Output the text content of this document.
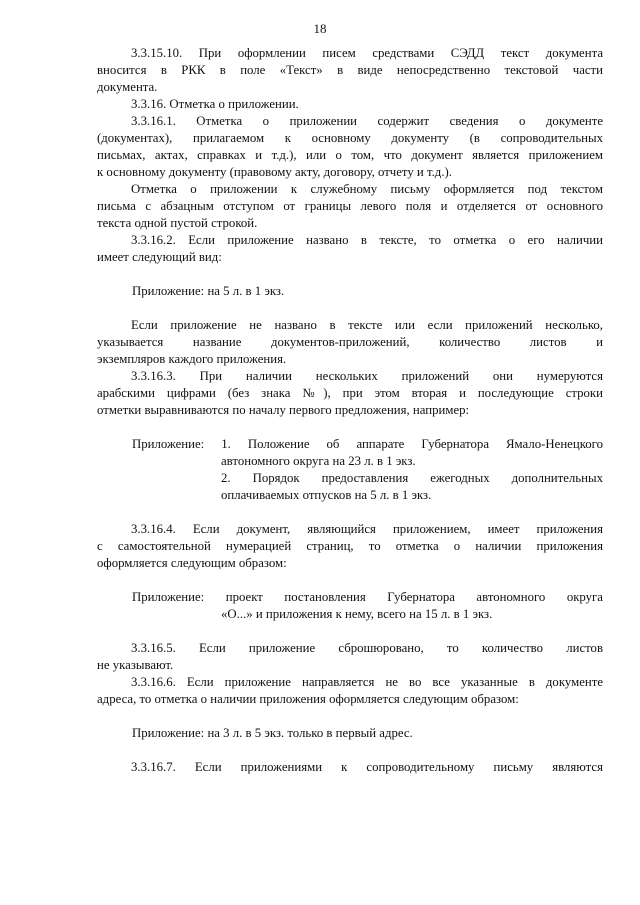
18

3.3.15.10. При оформлении писем средствами СЭДД текст документа

вносится в РКК в поле «Текст» в виде непосредственно текстовой части

документа.

3.3.16. Отметка о приложении.

3.3.16.1. Отметка о приложении содержит сведения о документе

(документах), прилагаемом к основному документу (в сопроводительных

письмах, актах, справках и т.д.), или о том, что документ является приложением

к основному документу (правовому акту, договору, отчету и т.д.).

Отметка о приложении к служебному письму оформляется под текстом

письма с абзацным отступом от границы левого поля и отделяется от основного

текста одной пустой строкой.

3.3.16.2. Если приложение названо в тексте, то отметка о его наличии

имеет следующий вид:

Приложение: на 5 л. в 1 экз.

Если приложение не названо в тексте или если приложений несколько,

указывается название документов-приложений, количество листов и

экземпляров каждого приложения.

3.3.16.3. При наличии нескольких приложений они нумеруются

арабскими цифрами (без знака №), при этом вторая и последующие строки

отметки выравниваются по началу первого предложения, например:

Приложение: 1. Положение об аппарате Губернатора Ямало-Ненецкого

автономного округа на 23 л. в 1 экз.

2. Порядок предоставления ежегодных дополнительных

оплачиваемых отпусков на 5 л. в 1 экз.

3.3.16.4. Если документ, являющийся приложением, имеет приложения

с самостоятельной нумерацией страниц, то отметка о наличии приложения

оформляется следующим образом:

Приложение: проект постановления Губернатора автономного округа

«О...» и приложения к нему, всего на 15 л. в 1 экз.

3.3.16.5. Если приложение сброшюровано, то количество листов

не указывают.

3.3.16.6. Если приложение направляется не во все указанные в документе

адреса, то отметка о наличии приложения оформляется следующим образом:

Приложение: на 3 л. в 5 экз. только в первый адрес.

3.3.16.7. Если приложениями к сопроводительному письму являются
